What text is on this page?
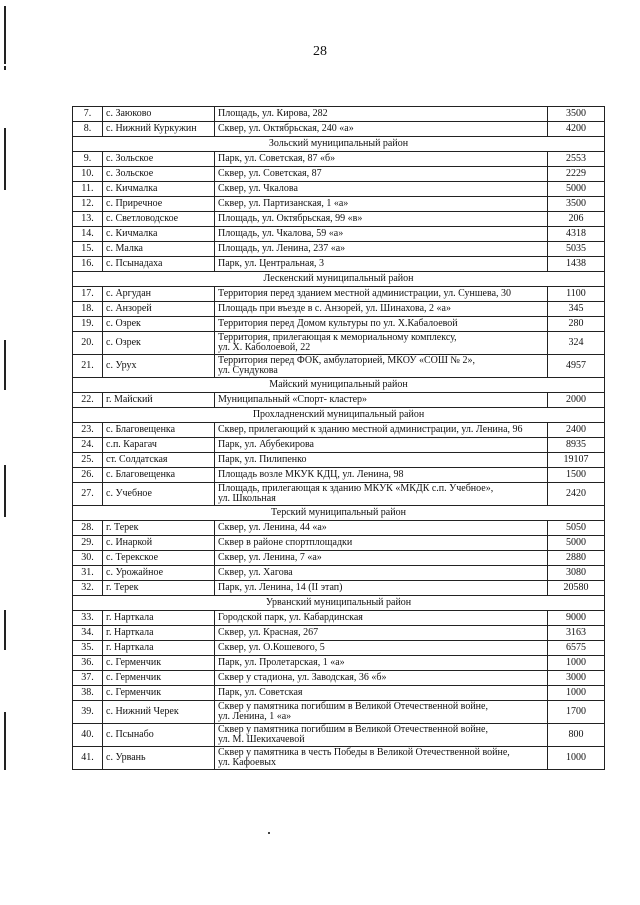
28
7.	с. Заюково	Площадь, ул. Кирова, 282	3500
8.	с. Нижний Куркужин	Сквер, ул. Октябрьская, 240 «а»	4200
Зольский муниципальный район			
9.	с. Зольское	Парк, ул. Советская, 87 «б»	2553
10.	с. Зольское	Сквер, ул. Советская, 87	2229
11.	с. Кичмалка	Сквер, ул. Чкалова	5000
12.	с. Приречное	Сквер, ул. Партизанская, 1 «а»	3500
13.	с. Светловодское	Площадь, ул. Октябрьская, 99 «в»	206
14.	с. Кичмалка	Площадь, ул. Чкалова, 59 «а»	4318
15.	с. Малка	Площадь, ул. Ленина, 237 «а»	5035
16.	с. Псынадаха	Парк, ул. Центральная, 3	1438
Лескенский муниципальный район			
17.	с. Аргудан	Территория перед зданием местной администрации, ул. Суншева, 30	1100
18.	с. Анзорей	Площадь при въезде в с. Анзорей, ул. Шинахова, 2 «а»	345
19.	с. Озрек	Территория перед Домом культуры по ул. Х.Кабалоевой	280
20.	с. Озрек	Территория, прилегающая к мемориальному комплексу,
ул. Х. Каболоевой, 22	324
21.	с. Урух	Территория перед ФОК, амбулаторией, МКОУ «СОШ № 2»,
ул. Сундукова	4957
Майский муниципальный район			
22.	г. Майский	Муниципальный «Спорт- кластер»	2000
Прохладненский муниципальный район			
23.	с. Благовещенка	Сквер, прилегающий к зданию местной администрации, ул. Ленина, 96	2400
24.	с.п. Карагач	Парк, ул. Абубекирова	8935
25.	ст. Солдатская	Парк, ул. Пилипенко	19107
26.	с. Благовещенка	Площадь возле МКУК КДЦ, ул. Ленина, 98	1500
27.	с. Учебное	Площадь, прилегающая к зданию МКУК «МКДК с.п. Учебное»,
ул. Школьная	2420
Терский муниципальный район			
28.	г. Терек	Сквер, ул. Ленина, 44 «а»	5050
29.	с. Инаркой	Сквер в районе спортплощадки	5000
30.	с. Терекское	Сквер, ул. Ленина, 7 «а»	2880
31.	с. Урожайное	Сквер, ул. Хагова	3080
32.	г. Терек	Парк, ул. Ленина, 14 (II этап)	20580
Урванский муниципальный район			
33.	г. Нарткала	Городской парк, ул. Кабардинская	9000
34.	г. Нарткала	Сквер, ул. Красная, 267	3163
35.	г. Нарткала	Сквер, ул. О.Кошевого, 5	6575
36.	с. Герменчик	Парк, ул. Пролетарская, 1 «а»	1000
37.	с. Герменчик	Сквер у стадиона, ул. Заводская, 36 «б»	3000
38.	с. Герменчик	Парк, ул. Советская	1000
39.	с. Нижний Черек	Сквер у памятника погибшим в Великой Отечественной войне,
ул. Ленина, 1 «а»	1700
40.	с. Псынабо	Сквер у памятника погибшим в Великой Отечественной войне,
ул. М. Шекихачевой	800
41.	с. Урвань	Сквер у памятника в честь Победы в Великой Отечественной войне,
ул. Кафоевых	1000
